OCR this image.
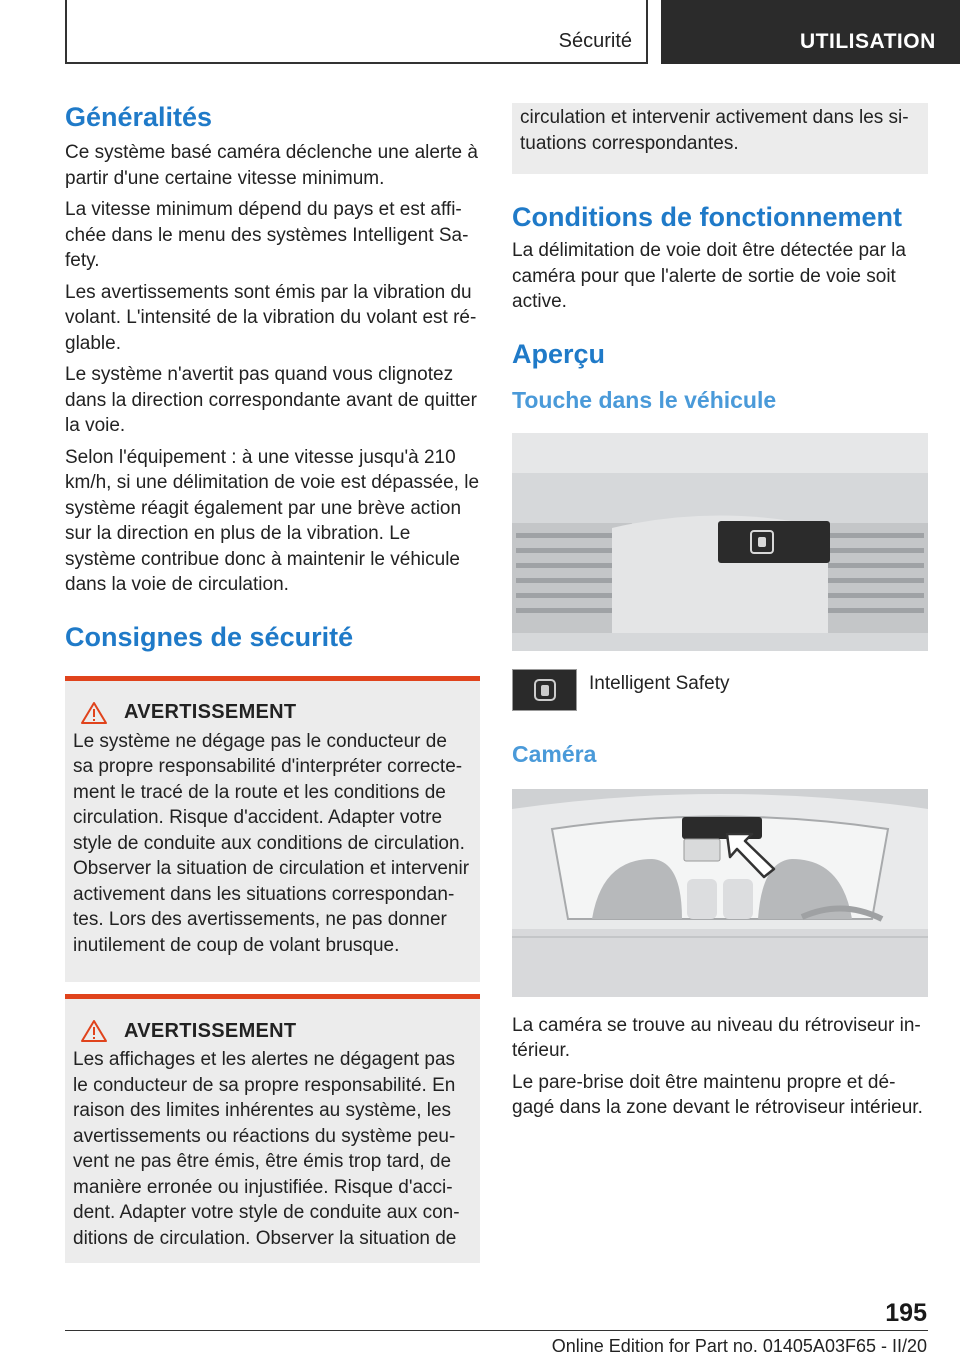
Sécurité	UTILISATION
Généralités

Ce système basé caméra déclenche une alerte à partir d'une certaine vitesse minimum.

La vitesse minimum dépend du pays et est affichée dans le menu des systèmes Intelligent Safety.

Les avertissements sont émis par la vibration du volant. L'intensité de la vibration du volant est réglable.

Le système n'avertit pas quand vous clignotez dans la direction correspondante avant de quitter la voie.

Selon l'équipement : à une vitesse jusqu'à 210 km/h, si une délimitation de voie est dépassée, le système réagit également par une brève action sur la direction en plus de la vibration. Le système contribue donc à maintenir le véhicule dans la voie de circulation.

Consignes de sécurité
AVERTISSEMENT

Le système ne dégage pas le conducteur de sa propre responsabilité d'interpréter correctement le tracé de la route et les conditions de circulation. Risque d'accident. Adapter votre style de conduite aux conditions de circulation. Observer la situation de circulation et intervenir activement dans les situations correspondantes. Lors des avertissements, ne pas donner inutilement de coup de volant brusque.

AVERTISSEMENT

Les affichages et les alertes ne dégagent pas le conducteur de sa propre responsabilité. En raison des limites inhérentes au système, les avertissements ou réactions du système peuvent ne pas être émis, être émis trop tard, de manière erronée ou injustifiée. Risque d'accident. Adapter votre style de conduite aux conditions de circulation. Observer la situation de

circulation et intervenir activement dans les situations correspondantes.

Conditions de fonctionnement

La délimitation de voie doit être détectée par la caméra pour que l'alerte de sortie de voie soit active.

Aperçu
Touche dans le véhicule
Intelligent Safety
Caméra

La caméra se trouve au niveau du rétroviseur intérieur.

Le pare-brise doit être maintenu propre et dégagé dans la zone devant le rétroviseur intérieur.

195
Online Edition for Part no. 01405A03F65 - II/20
